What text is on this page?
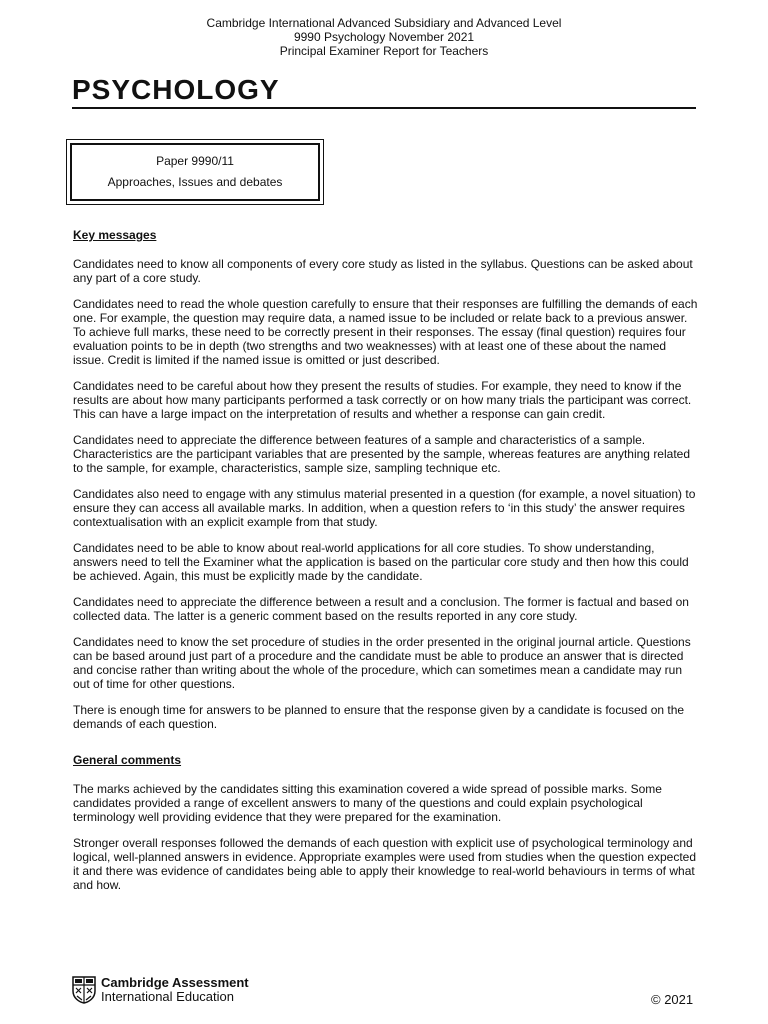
Cambridge International Advanced Subsidiary and Advanced Level
9990 Psychology November 2021
Principal Examiner Report for Teachers
PSYCHOLOGY
Paper 9990/11
Approaches, Issues and debates
Key messages

Candidates need to know all components of every core study as listed in the syllabus. Questions can be asked about any part of a core study.

Candidates need to read the whole question carefully to ensure that their responses are fulfilling the demands of each one. For example, the question may require data, a named issue to be included or relate back to a previous answer. To achieve full marks, these need to be correctly present in their responses. The essay (final question) requires four evaluation points to be in depth (two strengths and two weaknesses) with at least one of these about the named issue. Credit is limited if the named issue is omitted or just described.

Candidates need to be careful about how they present the results of studies. For example, they need to know if the results are about how many participants performed a task correctly or on how many trials the participant was correct. This can have a large impact on the interpretation of results and whether a response can gain credit.

Candidates need to appreciate the difference between features of a sample and characteristics of a sample. Characteristics are the participant variables that are presented by the sample, whereas features are anything related to the sample, for example, characteristics, sample size, sampling technique etc.

Candidates also need to engage with any stimulus material presented in a question (for example, a novel situation) to ensure they can access all available marks. In addition, when a question refers to ‘in this study’ the answer requires contextualisation with an explicit example from that study.

Candidates need to be able to know about real-world applications for all core studies. To show understanding, answers need to tell the Examiner what the application is based on the particular core study and then how this could be achieved. Again, this must be explicitly made by the candidate.

Candidates need to appreciate the difference between a result and a conclusion. The former is factual and based on collected data. The latter is a generic comment based on the results reported in any core study.

Candidates need to know the set procedure of studies in the order presented in the original journal article. Questions can be based around just part of a procedure and the candidate must be able to produce an answer that is directed and concise rather than writing about the whole of the procedure, which can sometimes mean a candidate may run out of time for other questions.

There is enough time for answers to be planned to ensure that the response given by a candidate is focused on the demands of each question.

General comments

The marks achieved by the candidates sitting this examination covered a wide spread of possible marks. Some candidates provided a range of excellent answers to many of the questions and could explain psychological terminology well providing evidence that they were prepared for the examination.

Stronger overall responses followed the demands of each question with explicit use of psychological terminology and logical, well-planned answers in evidence. Appropriate examples were used from studies when the question expected it and there was evidence of candidates being able to apply their knowledge to real-world behaviours in terms of what and how.

Cambridge Assessment
International Education	© 2021
